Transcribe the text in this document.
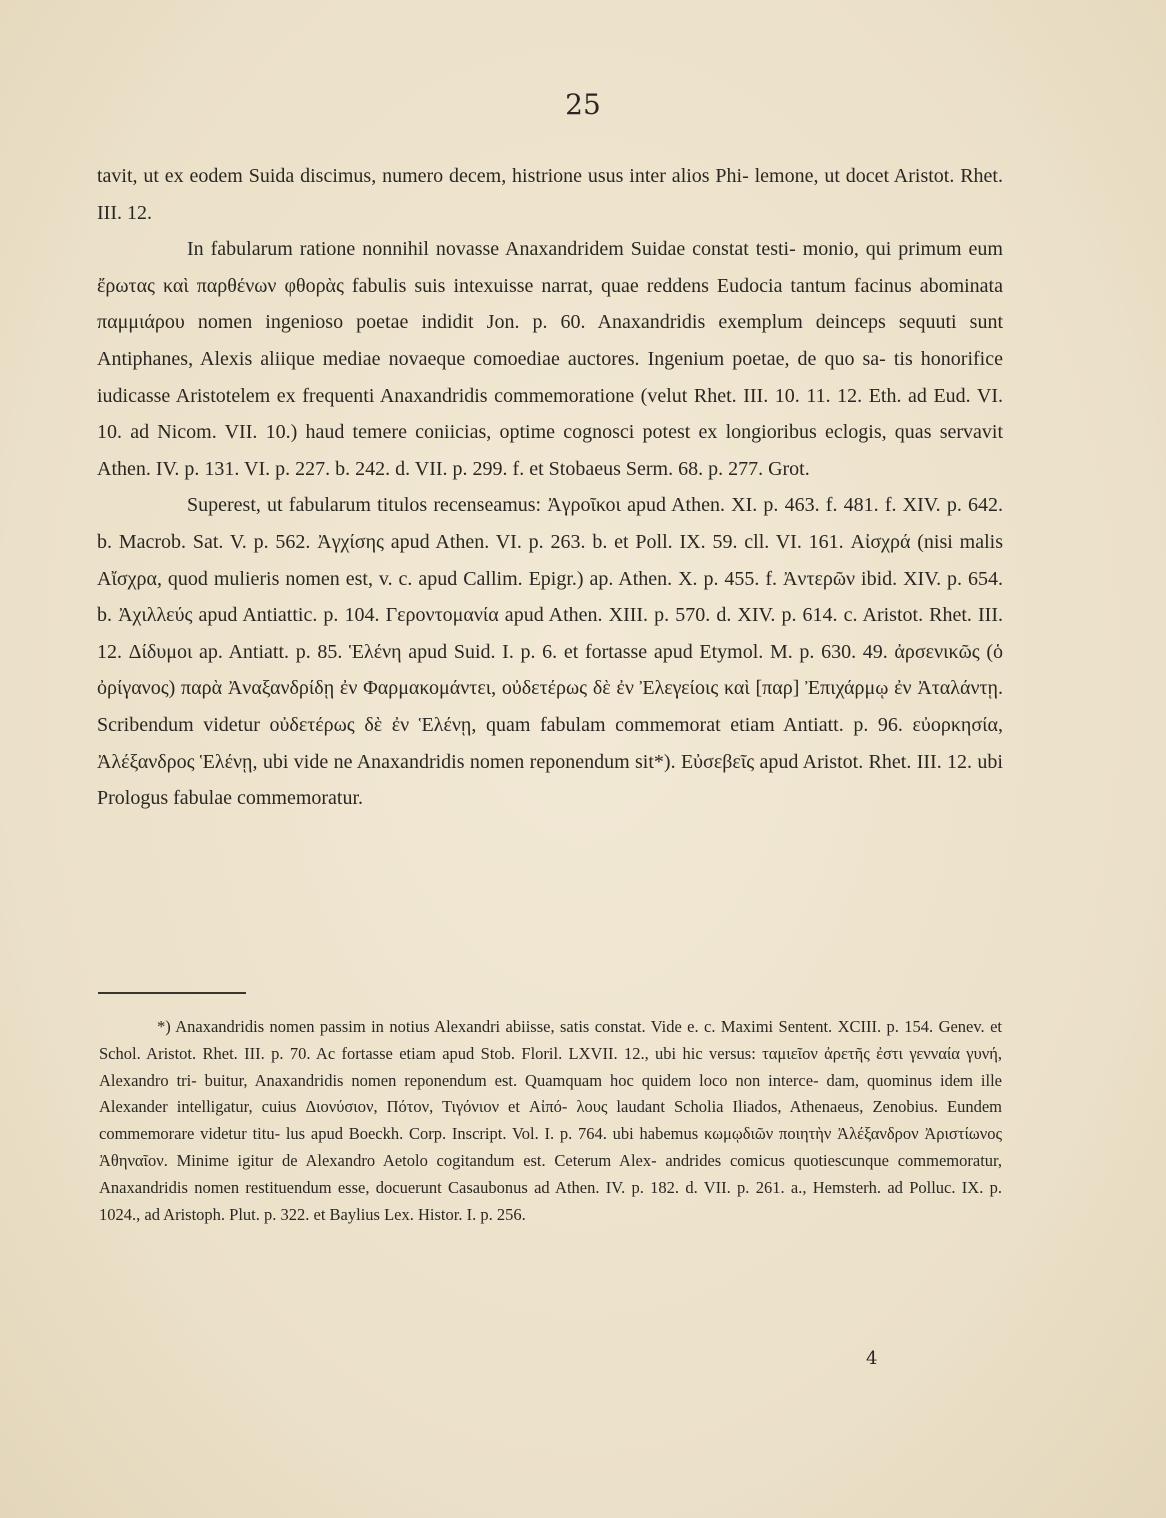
25

tavit, ut ex eodem Suida discimus, numero decem, histrione usus inter alios Phi- lemone, ut docet Aristot. Rhet. III. 12.

In fabularum ratione nonnihil novasse Anaxandridem Suidae constat testi- monio, qui primum eum ἔρωτας καὶ παρθένων φθορὰς fabulis suis intexuisse narrat, quae reddens Eudocia tantum facinus abominata παμμιάρου nomen ingenioso poetae indidit Jon. p. 60. Anaxandridis exemplum deinceps sequuti sunt Antiphanes, Alexis aliique mediae novaeque comoediae auctores. Ingenium poetae, de quo sa- tis honorifice iudicasse Aristotelem ex frequenti Anaxandridis commemoratione (velut Rhet. III. 10. 11. 12. Eth. ad Eud. VI. 10. ad Nicom. VII. 10.) haud temere coniicias, optime cognosci potest ex longioribus eclogis, quas servavit Athen. IV. p. 131. VI. p. 227. b. 242. d. VII. p. 299. f. et Stobaeus Serm. 68. p. 277. Grot.

Superest, ut fabularum titulos recenseamus: Ἀγροῖκοι apud Athen. XI. p. 463. f. 481. f. XIV. p. 642. b. Macrob. Sat. V. p. 562. Ἀγχίσης apud Athen. VI. p. 263. b. et Poll. IX. 59. cll. VI. 161. Αἰσχρά (nisi malis Αἴσχρα, quod mulieris nomen est, v. c. apud Callim. Epigr.) ap. Athen. X. p. 455. f. Ἀντερῶν ibid. XIV. p. 654. b. Ἀχιλλεύς apud Antiattic. p. 104. Γεροντομανία apud Athen. XIII. p. 570. d. XIV. p. 614. c. Aristot. Rhet. III. 12. Δίδυμοι ap. Antiatt. p. 85. Ἑλένη apud Suid. I. p. 6. et fortasse apud Etymol. M. p. 630. 49. ἀρσενικῶς (ὁ ὀρίγανος) παρὰ Ἀναξανδρίδῃ ἐν Φαρμακομάντει, οὐδετέρως δὲ ἐν Ἐλεγείοις καὶ [παρ] Ἐπιχάρμῳ ἐν Ἀταλάντῃ. Scribendum videtur οὐδετέρως δὲ ἐν Ἑλένῃ, quam fabulam commemorat etiam Antiatt. p. 96. εὐορκησία, Ἀλέξανδρος Ἑλένῃ, ubi vide ne Anaxandridis nomen reponendum sit*). Εὐσεβεῖς apud Aristot. Rhet. III. 12. ubi Prologus fabulae commemoratur.

*) Anaxandridis nomen passim in notius Alexandri abiisse, satis constat. Vide e. c. Maximi Sentent. XCIII. p. 154. Genev. et Schol. Aristot. Rhet. III. p. 70. Ac fortasse etiam apud Stob. Floril. LXVII. 12., ubi hic versus: ταμιεῖον ἀρετῆς ἐστι γενναία γυνή, Alexandro tri- buitur, Anaxandridis nomen reponendum est. Quamquam hoc quidem loco non interce- dam, quominus idem ille Alexander intelligatur, cuius Διονύσιον, Πότον, Τιγόνιον et Αἰπό- λους laudant Scholia Iliados, Athenaeus, Zenobius. Eundem commemorare videtur titu- lus apud Boeckh. Corp. Inscript. Vol. I. p. 764. ubi habemus κωμῳδιῶν ποιητὴν Ἀλέξανδρον Ἀριστίωνος Ἀθηναῖον. Minime igitur de Alexandro Aetolo cogitandum est. Ceterum Alex- andrides comicus quotiescunque commemoratur, Anaxandridis nomen restituendum esse, docuerunt Casaubonus ad Athen. IV. p. 182. d. VII. p. 261. a., Hemsterh. ad Polluc. IX. p. 1024., ad Aristoph. Plut. p. 322. et Baylius Lex. Histor. I. p. 256.

4
